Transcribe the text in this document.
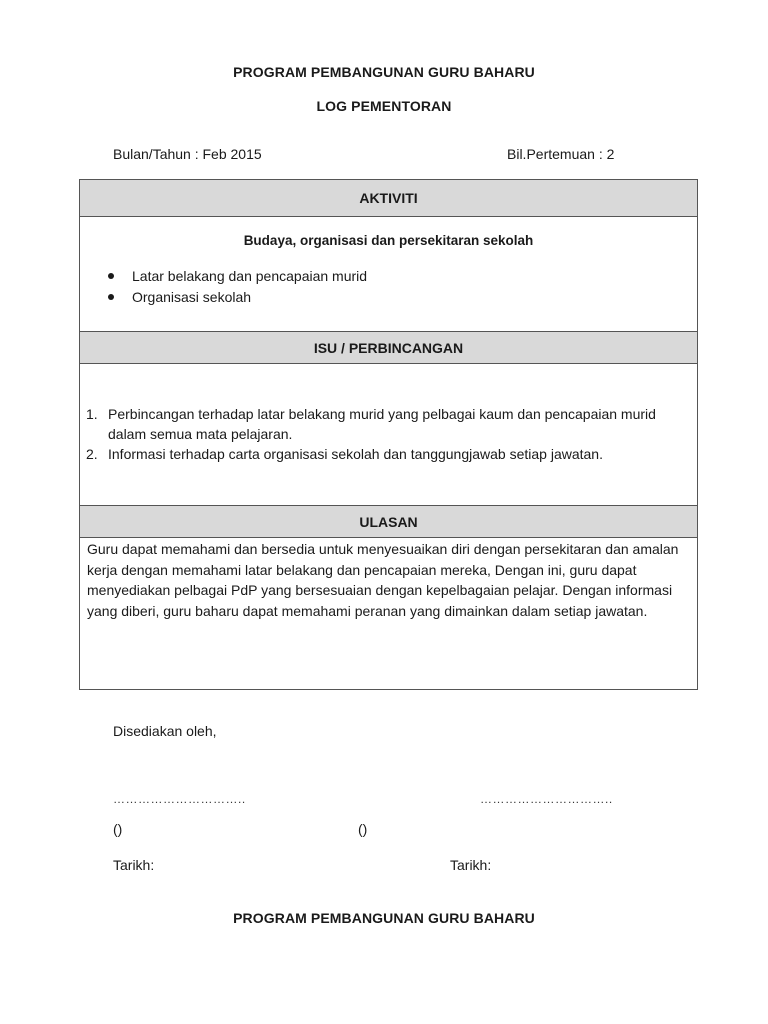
PROGRAM PEMBANGUNAN GURU BAHARU
LOG PEMENTORAN
Bulan/Tahun : Feb 2015	Bil.Pertemuan : 2
AKTIVITI
Budaya, organisasi dan persekitaran sekolah
Latar belakang dan pencapaian murid
Organisasi sekolah
ISU / PERBINCANGAN
1. Perbincangan terhadap latar belakang murid yang pelbagai kaum dan pencapaian murid dalam semua mata pelajaran.
2. Informasi terhadap carta organisasi sekolah dan tanggungjawab setiap jawatan.
ULASAN
Guru dapat memahami dan bersedia untuk menyesuaikan diri dengan persekitaran dan amalan kerja dengan memahami latar belakang dan pencapaian mereka, Dengan ini, guru dapat menyediakan pelbagai PdP yang bersesuaian dengan kepelbagaian pelajar. Dengan informasi yang diberi, guru baharu dapat memahami peranan yang dimainkan dalam setiap jawatan.
Disediakan oleh,
…………………………..	…………………………..
()	()
Tarikh:	Tarikh:
PROGRAM PEMBANGUNAN GURU BAHARU
